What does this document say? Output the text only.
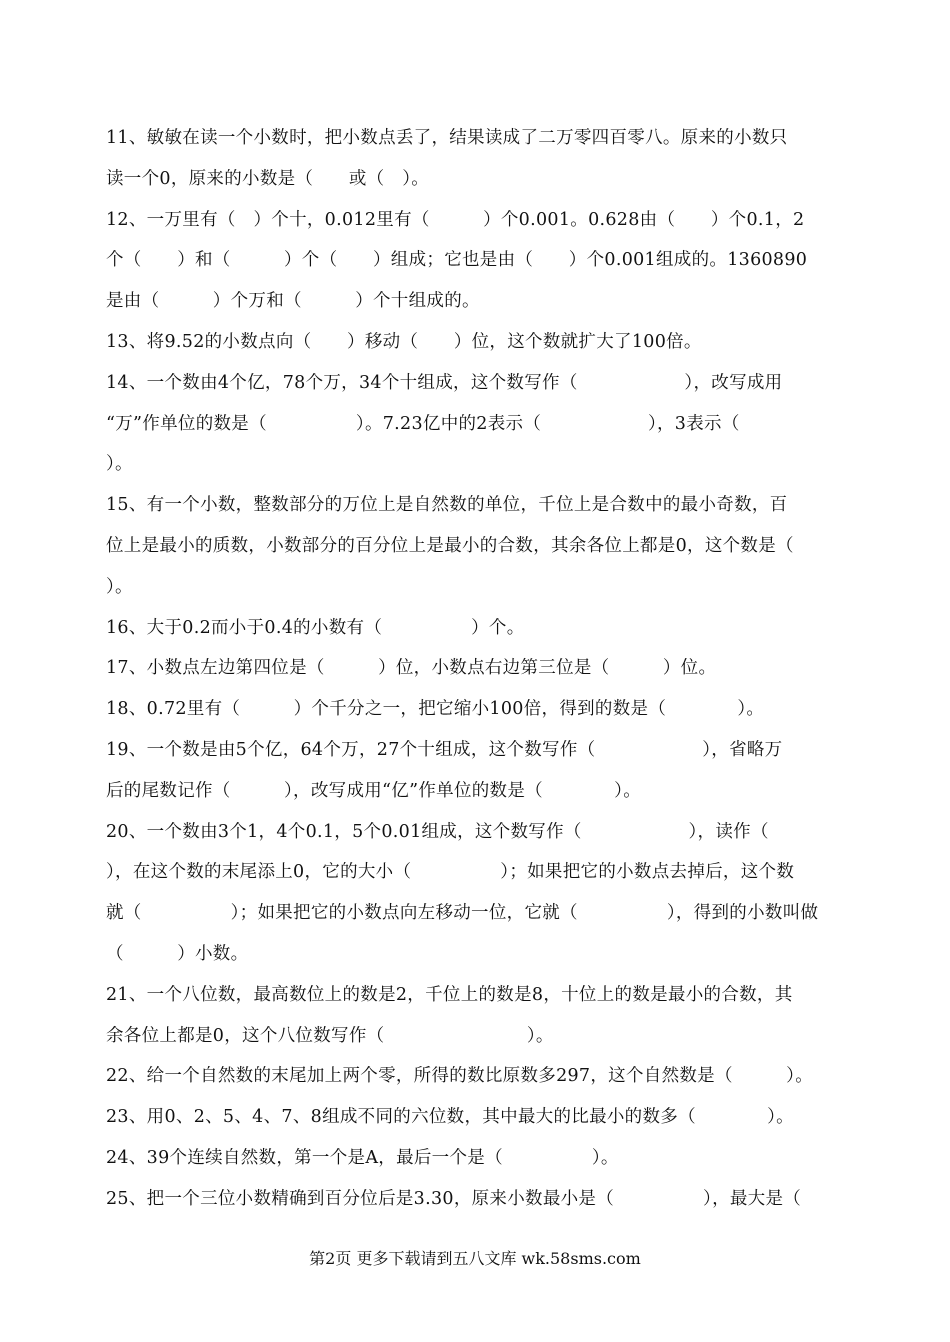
11、敏敏在读一个小数时，把小数点丢了，结果读成了二万零四百零八。原来的小数只
读一个0，原来的小数是（　　或（　）。
12、一万里有（　）个十，0.012里有（　　　）个0.001。0.628由（　　）个0.1，2
个（　　）和（　　　）个（　　）组成；它也是由（　　）个0.001组成的。1360890
是由（　　　）个万和（　　　）个十组成的。
13、将9.52的小数点向（　　）移动（　　）位，这个数就扩大了100倍。
14、一个数由4个亿，78个万，34个十组成，这个数写作（　　　　　　），改写成用
“万”作单位的数是（　　　　　）。7.23亿中的2表示（　　　　　　），3表示（
）。
15、有一个小数，整数部分的万位上是自然数的单位，千位上是合数中的最小奇数，百
位上是最小的质数，小数部分的百分位上是最小的合数，其余各位上都是0，这个数是（
）。
16、大于0.2而小于0.4的小数有（　　　　　）个。
17、小数点左边第四位是（　　　）位，小数点右边第三位是（　　　）位。
18、0.72里有（　　　）个千分之一，把它缩小100倍，得到的数是（　　　　）。
19、一个数是由5个亿，64个万，27个十组成，这个数写作（　　　　　　），省略万
后的尾数记作（　　　），改写成用“亿”作单位的数是（　　　　）。
20、一个数由3个1，4个0.1，5个0.01组成，这个数写作（　　　　　　），读作（
），在这个数的末尾添上0，它的大小（　　　　　）；如果把它的小数点去掉后，这个数
就（　　　　　）；如果把它的小数点向左移动一位，它就（　　　　　），得到的小数叫做
（　　　）小数。
21、一个八位数，最高数位上的数是2，千位上的数是8，十位上的数是最小的合数，其
余各位上都是0，这个八位数写作（　　　　　　　　）。
22、给一个自然数的末尾加上两个零，所得的数比原数多297，这个自然数是（　　　）。
23、用0、2、5、4、7、8组成不同的六位数，其中最大的比最小的数多（　　　　）。
24、39个连续自然数，第一个是A，最后一个是（　　　　　）。
25、把一个三位小数精确到百分位后是3.30，原来小数最小是（　　　　　），最大是（
第2页 更多下载请到五八文库 wk.58sms.com
